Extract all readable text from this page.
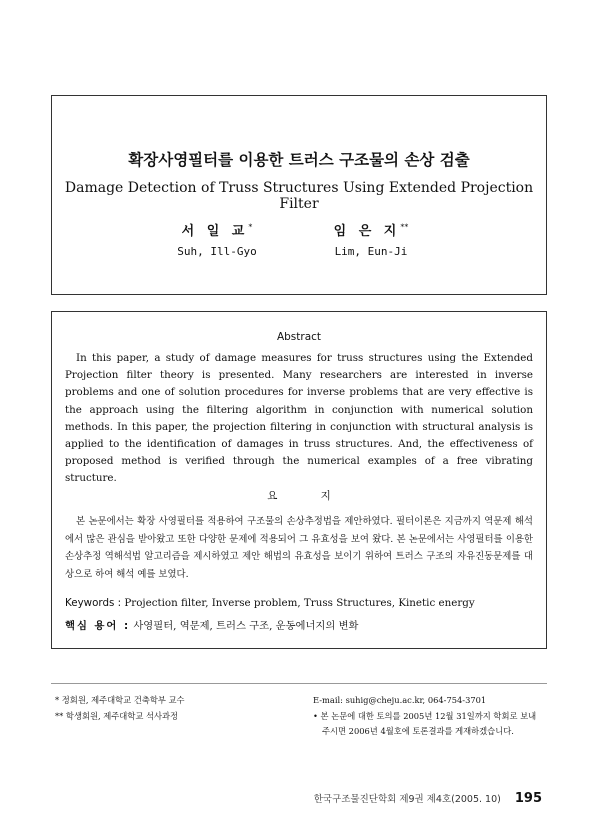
확장사영필터를 이용한 트러스 구조물의 손상 검출
Damage Detection of Truss Structures Using Extended Projection Filter
서 일 교*
Suh, Ill-Gyo
임 은 지**
Lim, Eun-Ji
Abstract
In this paper, a study of damage measures for truss structures using the Extended Projection filter theory is presented. Many researchers are interested in inverse problems and one of solution procedures for inverse problems that are very effective is the approach using the filtering algorithm in conjunction with numerical solution methods. In this paper, the projection filtering in conjunction with structural analysis is applied to the identification of damages in truss structures. And, the effectiveness of proposed method is verified through the numerical examples of a free vibrating structure.
요 지
본 논문에서는 확장 사영필터를 적용하여 구조물의 손상추정법을 제안하였다. 필터이론은 지금까지 역문제 해석에서 많은 관심을 받아왔고 또한 다양한 문제에 적용되어 그 유효성을 보여 왔다. 본 논문에서는 사영필터를 이용한 손상추정 역해석법 알고리즘을 제시하였고 제안 해법의 유효성을 보이기 위하여 트러스 구조의 자유진동문제를 대상으로 하여 해석 예를 보였다.
Keywords : Projection filter, Inverse problem, Truss Structures, Kinetic energy
핵심 용어 : 사영필터, 역문제, 트러스 구조, 운동에너지의 변화
* 정회원, 제주대학교 건축학부 교수
** 학생회원, 제주대학교 석사과정
E-mail: suhig@cheju.ac.kr, 064-754-3701
• 본 논문에 대한 토의를 2005년 12월 31일까지 학회로 보내
주시면 2006년 4월호에 토론결과를 게재하겠습니다.
한국구조물진단학회 제9권 제4호(2005. 10) 195
